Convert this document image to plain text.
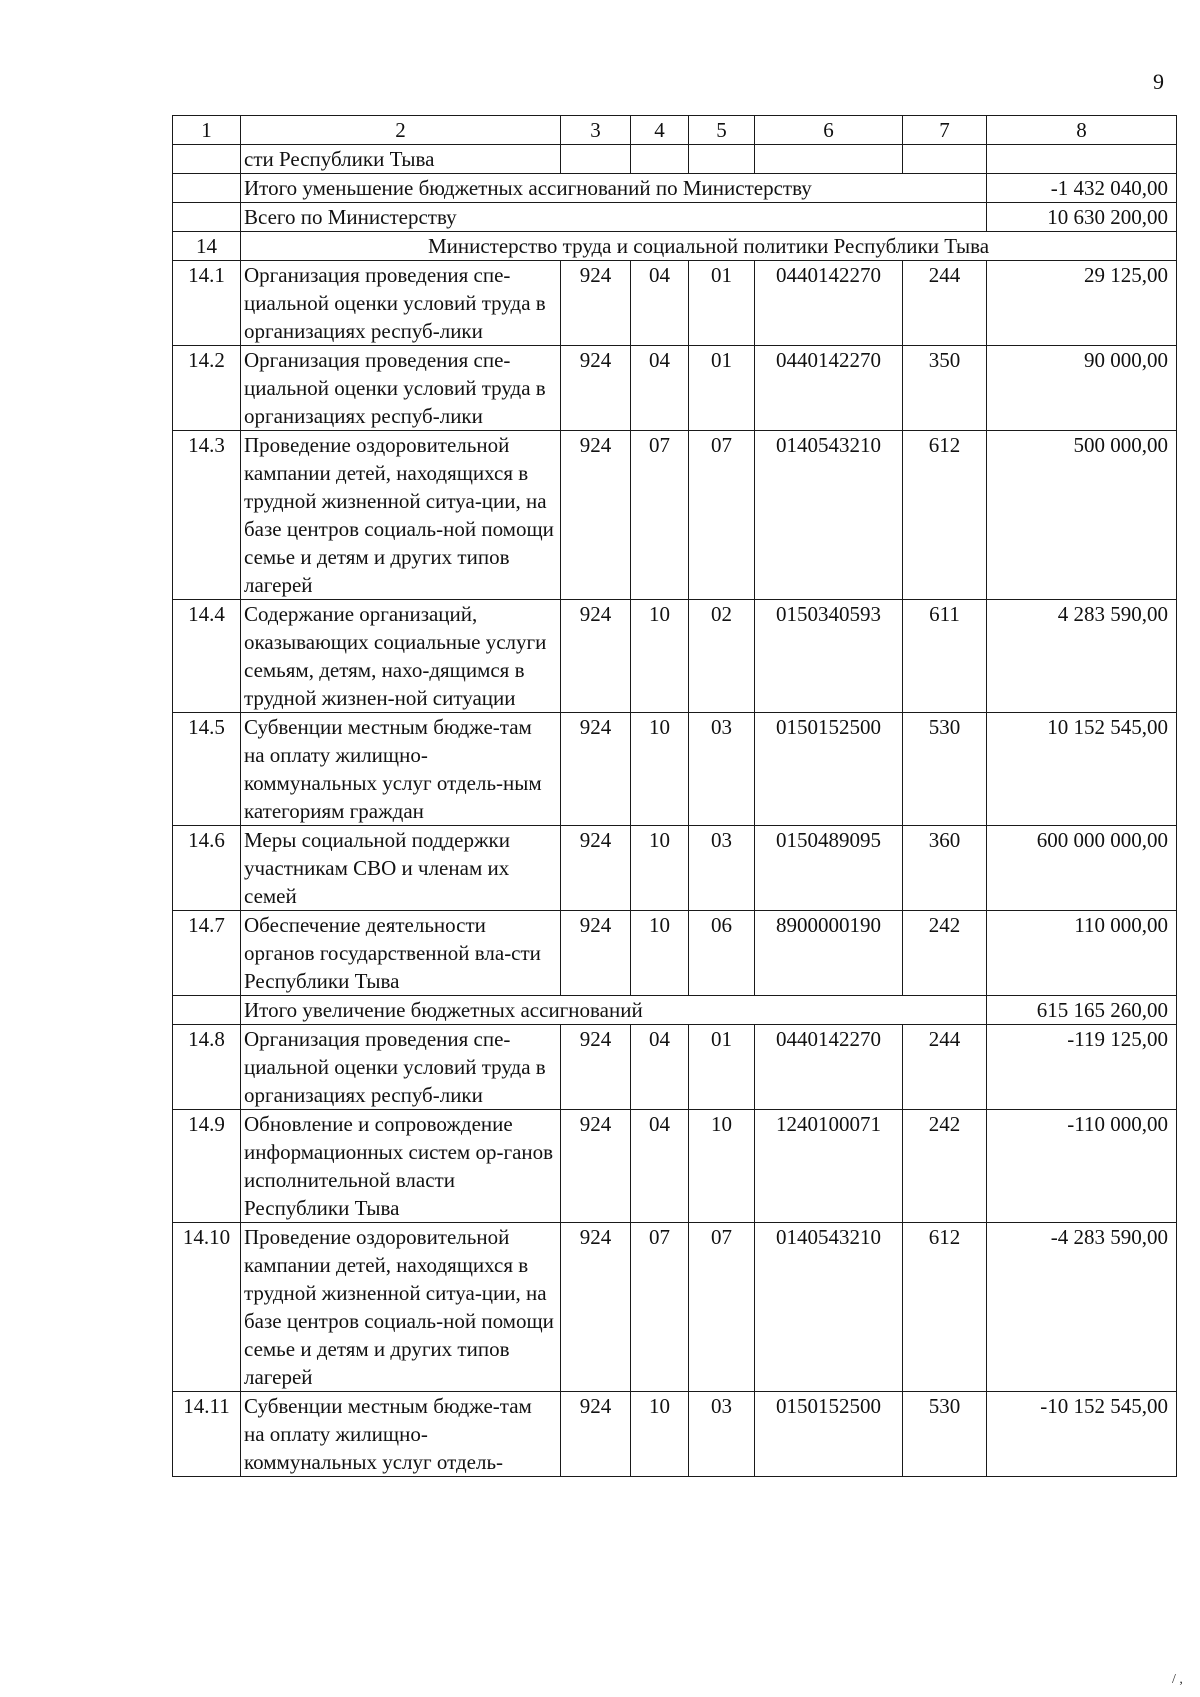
9
1	2	3	4	5	6	7	8
	сти Республики Тыва						
	Итого уменьшение бюджетных ассигнований по Министерству						-1 432 040,00
	Всего по Министерству						10 630 200,00
14	Министерство труда и социальной политики Республики Тыва						
14.1	Организация проведения спе-циальной оценки условий труда в организациях респуб-лики	924	04	01	0440142270	244	29 125,00
14.2	Организация проведения спе-циальной оценки условий труда в организациях респуб-лики	924	04	01	0440142270	350	90 000,00
14.3	Проведение оздоровительной кампании детей, находящихся в трудной жизненной ситуа-ции, на базе центров социаль-ной помощи семье и детям и других типов лагерей	924	07	07	0140543210	612	500 000,00
14.4	Содержание организаций, оказывающих социальные услуги семьям, детям, нахо-дящимся в трудной жизнен-ной ситуации	924	10	02	0150340593	611	4 283 590,00
14.5	Субвенции местным бюдже-там на оплату жилищно-коммунальных услуг отдель-ным категориям граждан	924	10	03	0150152500	530	10 152 545,00
14.6	Меры социальной поддержки участникам СВО и членам их семей	924	10	03	0150489095	360	600 000 000,00
14.7	Обеспечение деятельности органов государственной вла-сти Республики Тыва	924	10	06	8900000190	242	110 000,00
	Итого увеличение бюджетных ассигнований						615 165 260,00
14.8	Организация проведения спе-циальной оценки условий труда в организациях респуб-лики	924	04	01	0440142270	244	-119 125,00
14.9	Обновление и сопровождение информационных систем ор-ганов исполнительной власти Республики Тыва	924	04	10	1240100071	242	-110 000,00
14.10	Проведение оздоровительной кампании детей, находящихся в трудной жизненной ситуа-ции, на базе центров социаль-ной помощи семье и детям и других типов лагерей	924	07	07	0140543210	612	-4 283 590,00
14.11	Субвенции местным бюдже-там на оплату жилищно-коммунальных услуг отдель-	924	10	03	0150152500	530	-10 152 545,00
/ ,
